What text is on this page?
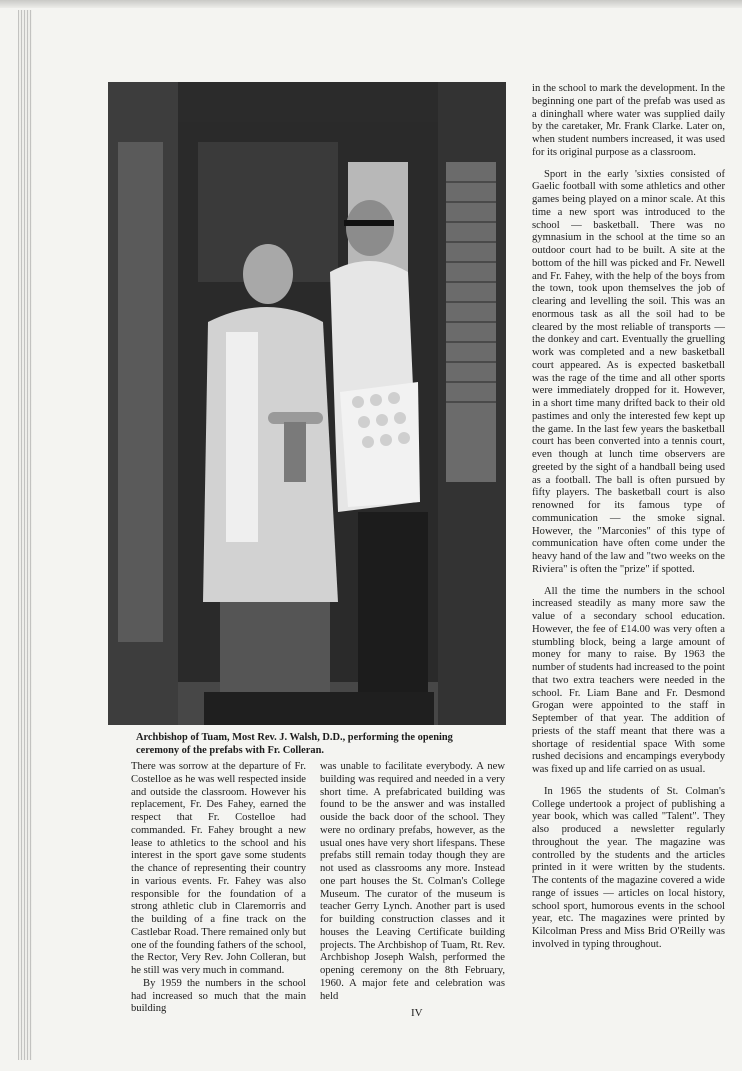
Archbishop of Tuam, Most Rev. J. Walsh, D.D., performing the opening ceremony of the prefabs with Fr. Colleran.

There was sorrow at the departure of Fr. Costelloe as he was well respected inside and outside the classroom. However his replacement, Fr. Des Fahey, earned the respect that Fr. Costelloe had commanded. Fr. Fahey brought a new lease to athletics to the school and his interest in the sport gave some students the chance of representing their country in various events. Fr. Fahey was also responsible for the foundation of a strong athletic club in Claremorris and the building of a fine track on the Castlebar Road. There remained only but one of the founding fathers of the school, the Rector, Very Rev. John Colleran, but he still was very much in command.

By 1959 the numbers in the school had increased so much that the main building

was unable to facilitate everybody. A new building was required and needed in a very short time. A prefabricated building was found to be the answer and was installed ouside the back door of the school. They were no ordinary prefabs, however, as the usual ones have very short lifespans. These prefabs still remain today though they are not used as classrooms any more. Instead one part houses the St. Colman's College Museum. The curator of the museum is teacher Gerry Lynch. Another part is used for building construction classes and it houses the Leaving Certificate building projects. The Archbishop of Tuam, Rt. Rev. Archbishop Joseph Walsh, performed the opening ceremony on the 8th February, 1960. A major fete and celebration was held

in the school to mark the development. In the beginning one part of the prefab was used as a dininghall where water was supplied daily by the caretaker, Mr. Frank Clarke. Later on, when student numbers increased, it was used for its original purpose as a classroom.

Sport in the early 'sixties consisted of Gaelic football with some athletics and other games being played on a minor scale. At this time a new sport was introduced to the school — basketball. There was no gymnasium in the school at the time so an outdoor court had to be built. A site at the bottom of the hill was picked and Fr. Newell and Fr. Fahey, with the help of the boys from the town, took upon themselves the job of clearing and levelling the soil. This was an enormous task as all the soil had to be cleared by the most reliable of transports — the donkey and cart. Eventually the gruelling work was completed and a new basketball court appeared. As is expected basketball was the rage of the time and all other sports were immediately dropped for it. However, in a short time many drifted back to their old pastimes and only the interested few kept up the game. In the last few years the basketball court has been converted into a tennis court, even though at lunch time observers are greeted by the sight of a handball being used as a football. The ball is often pursued by fifty players. The basketball court is also renowned for its famous type of communication — the smoke signal. However, the "Marconies" of this type of communication have often come under the heavy hand of the law and "two weeks on the Riviera" is often the "prize" if spotted.

All the time the numbers in the school increased steadily as many more saw the value of a secondary school education. However, the fee of £14.00 was very often a stumbling block, being a large amount of money for many to raise. By 1963 the number of students had increased to the point that two extra teachers were needed in the school. Fr. Liam Bane and Fr. Desmond Grogan were appointed to the staff in September of that year. The addition of priests of the staff meant that there was a shortage of residential space With some rushed decisions and encampings everybody was fixed up and life carried on as usual.

In 1965 the students of St. Colman's College undertook a project of publishing a year book, which was called "Talent". They also produced a newsletter regularly throughout the year. The magazine was controlled by the students and the articles printed in it were written by the students. The contents of the magazine covered a wide range of issues — articles on local history, school sport, humorous events in the school year, etc. The magazines were printed by Kilcolman Press and Miss Brid O'Reilly was involved in typing throughout.

IV
